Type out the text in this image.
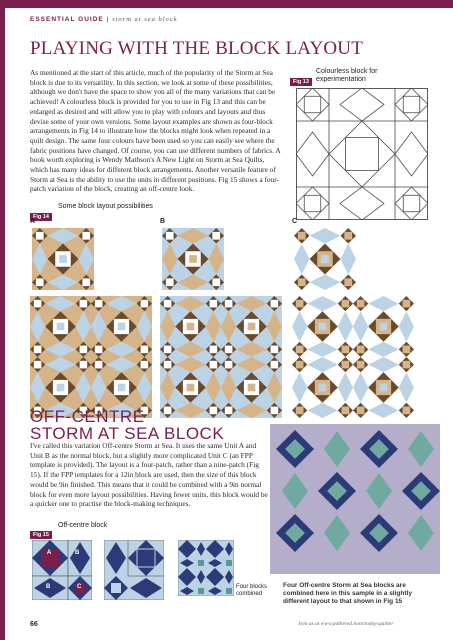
ESSENTIAL GUIDE | storm at sea block
PLAYING WITH THE BLOCK LAYOUT
As mentioned at the start of this article, much of the popularity of the Storm at Sea block is due to its versatility. In this section, we look at some of these possibilities, although we don't have the space to show you all of the many variations that can be achieved! A colourless block is provided for you to use in Fig 13 and this can be enlarged as desired and will allow you to play with colours and layouts and thus devise some of your own versions. Some layout examples are shown as four-block arrangements in Fig 14 to illustrate how the blocks might look when repeated in a quilt design. The same four colours have been used so you can easily see where the fabric positions have changed. Of course, you can use different numbers of fabrics. A book worth exploring is Wendy Mathson's A New Light on Storm at Sea Quilts, which has many ideas for different block arrangements. Another versatile feature of Storm at Sea is the ability to use the units in different positions. Fig 15 shows a four-patch variation of the block, creating an off-centre look.
Fig 13
Colourless block for experimentation
Fig 14
Some block layout possibilities
A	B	C
OFF-CENTRE
STORM AT SEA BLOCK
I've called this variation Off-centre Storm at Sea. It uses the same Unit A and Unit B as the normal block, but a slightly more complicated Unit C (an FPP template is provided). The layout is a four-patch, rather than a nine-patch (Fig 15). If the FPP templates for a 12in block are used, then the size of this block would be 9in finished. This means that it could be combined with a 9in normal block for even more layout possibilities. Having fewer units, this block would be a quicker one to practise the block-making techniques.
Fig 15
Off-centre block
A	B
B	C	Four blocks combined
Four Off-centre Storm at Sea blocks are combined here in this sample in a slightly different layout to that shown in Fig 15
66	Join us at www.pathered.hom/todaysquilter
